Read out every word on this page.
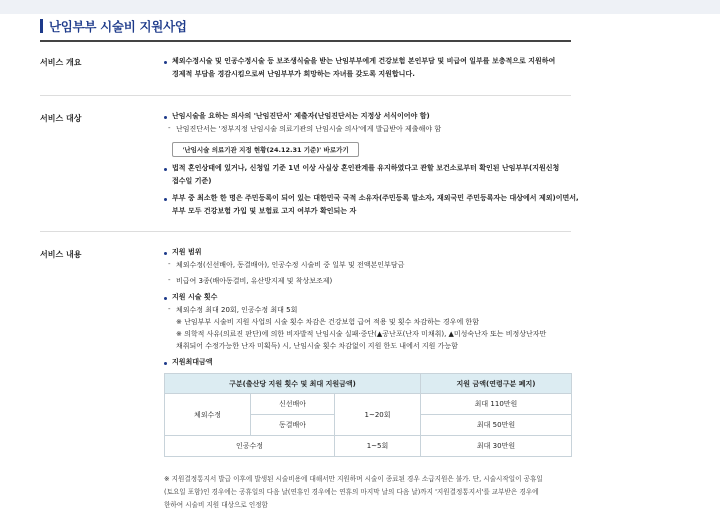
난임부부 시술비 지원사업
서비스 개요	체외수정시술 및 인공수정시술 등 보조생식술을 받는 난임부부에게 건강보험 본인부담 및 비급여 일부를 보충적으로 지원하여
경제적 부담을 경감시킴으로써 난임부부가 희망하는 자녀를 갖도록 지원합니다.
서비스 대상	난임시술을 요하는 의사의 '난임진단서' 제출자(난임진단서는 지정상 서식이어야 함)
- 난임진단서는 '정부지정 난임시술 의료기관의 난임시술 의사'에게 발급받아 제출해야 함
'난임시술 의료기관 지정 현황(24.12.31 기준)' 바로가기
법적 혼인상태에 있거나, 신청일 기준 1년 이상 사실상 혼인관계를 유지하였다고 관할 보건소로부터 확인된 난임부부(지원신청
접수일 기준)
부부 중 최소한 한 명은 주민등록이 되어 있는 대한민국 국적 소유자(주민등록 말소자, 재외국민 주민등록자는 대상에서 제외)이면서,
부부 모두 건강보험 가입 및 보험료 고지 여부가 확인되는 자
서비스 내용	지원 범위
- 체외수정(신선배아, 동결배아), 인공수정 시술비 중 일부 및 전액본인부담금
- 비급여 3종(배아동결비, 유산방지제 및 착상보조제)
지원 시술 횟수
- 체외수정 최대 20회, 인공수정 최대 5회
※ 난임부부 시술비 지원 사업의 시술 횟수 차감은 건강보험 급여 적용 및 횟수 차감하는 경우에 한함
※ 의학적 사유(의료진 판단)에 의한 비자발적 난임시술 실패·중단(▲공난포(난자 미채취), ▲미성숙난자 또는 비정상난자만
채취되어 수정가능한 난자 미획득) 시, 난임시술 횟수 차감없이 지원 한도 내에서 지원 가능함
지원최대금액
구분(출산당 지원 횟수 및 최대 지원금액)			지원 금액(연령구분 폐지)
체외수정	신선배아	1~20회	최대 110만원
	동결배아		최대 50만원
인공수정		1~5회	최대 30만원
※ 지원결정통지서 발급 이후에 발생된 시술비용에 대해서만 지원하며 시술이 종료된 경우 소급지원은 불가. 단, 시술시작일이 공휴일
(토요일 포함)인 경우에는 공휴일의 다음 날(연휴인 경우에는 연휴의 마지막 날의 다음 날)까지 '지원결정통지서'를 교부받은 경우에
한하여 시술비 지원 대상으로 인정함
